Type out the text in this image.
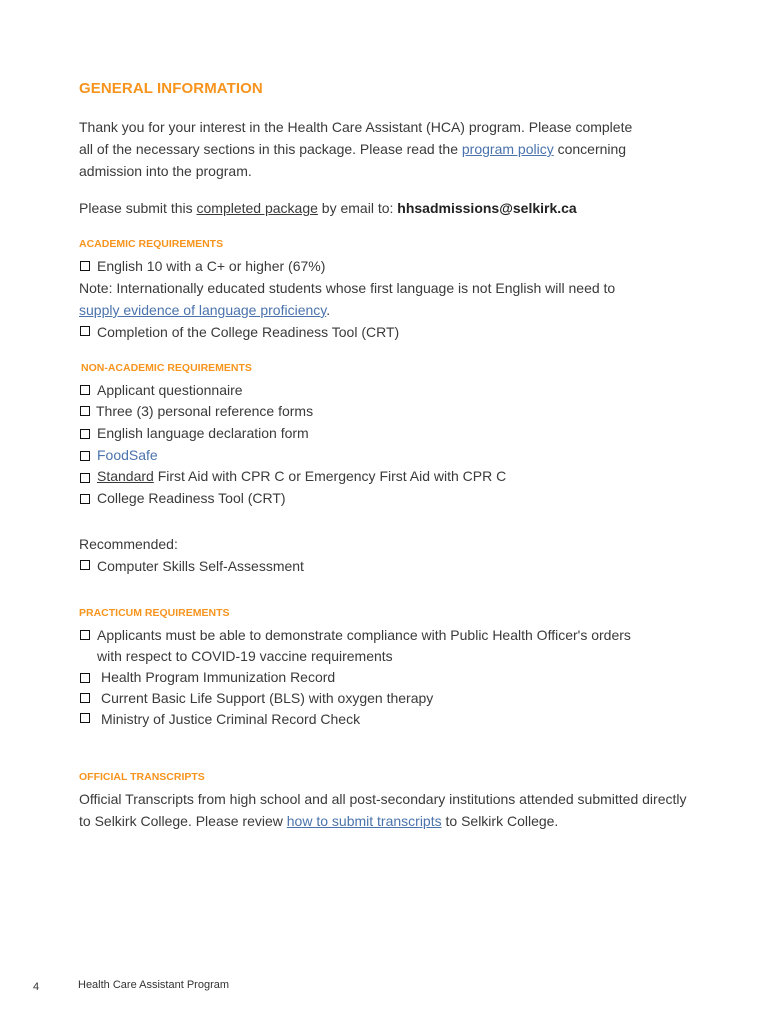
GENERAL INFORMATION
Thank you for your interest in the Health Care Assistant (HCA) program. Please complete
all of the necessary sections in this package. Please read the program policy concerning
admission into the program.
Please submit this completed package by email to: hhsadmissions@selkirk.ca
ACADEMIC REQUIREMENTS
English 10 with a C+ or higher (67%)
Note: Internationally educated students whose first language is not English will need to
supply evidence of language proficiency.
Completion of the College Readiness Tool (CRT)
NON-ACADEMIC REQUIREMENTS
Applicant questionnaire
Three (3) personal reference forms
English language declaration form
FoodSafe
Standard First Aid with CPR C or Emergency First Aid with CPR C
College Readiness Tool (CRT)
Recommended:
Computer Skills Self-Assessment
PRACTICUM REQUIREMENTS
Applicants must be able to demonstrate compliance with Public Health Officer's orders
with respect to COVID-19 vaccine requirements
Health Program Immunization Record
Current Basic Life Support (BLS) with oxygen therapy
Ministry of Justice Criminal Record Check
OFFICIAL TRANSCRIPTS
Official Transcripts from high school and all post-secondary institutions attended submitted directly
to Selkirk College. Please review how to submit transcripts to Selkirk College.
4	Health Care Assistant Program
